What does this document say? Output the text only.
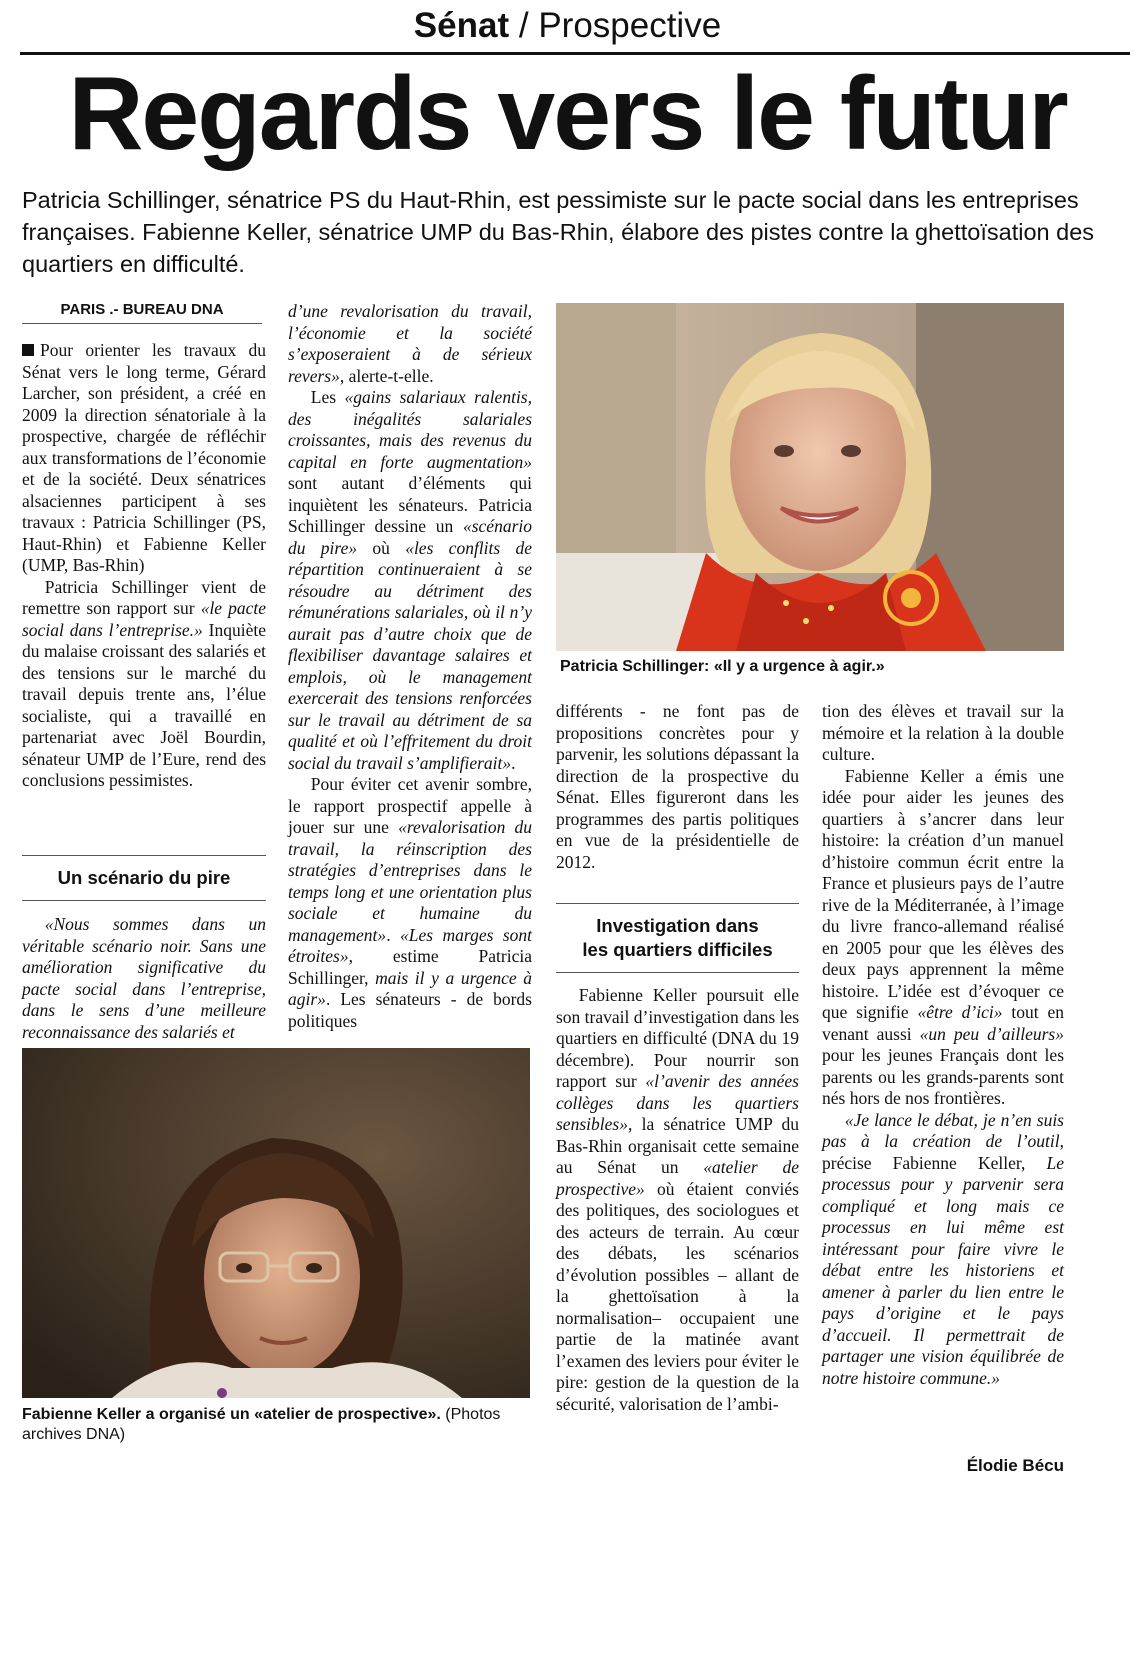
Sénat / Prospective
Regards vers le futur
Patricia Schillinger, sénatrice PS du Haut-Rhin, est pessimiste sur le pacte social dans les entreprises françaises. Fabienne Keller, sénatrice UMP du Bas-Rhin, élabore des pistes contre la ghettoïsation des quartiers en difficulté.
PARIS .- BUREAU DNA

Pour orienter les travaux du Sénat vers le long terme, Gérard Larcher, son président, a créé en 2009 la direction sénatoriale à la prospective, chargée de réfléchir aux transformations de l’économie et de la société. Deux sénatrices alsaciennes participent à ses travaux : Patricia Schillinger (PS, Haut-Rhin) et Fabienne Keller (UMP, Bas-Rhin)

Patricia Schillinger vient de remettre son rapport sur «le pacte social dans l’entreprise.» Inquiète du malaise croissant des salariés et des tensions sur le marché du travail depuis trente ans, l’élue socialiste, qui a travaillé en partenariat avec Joël Bourdin, sénateur UMP de l’Eure, rend des conclusions pessimistes.

Un scénario du pire

«Nous sommes dans un véritable scénario noir. Sans une amélioration significative du pacte social dans l’entreprise, dans le sens d’une meilleure reconnaissance des salariés et

d’une revalorisation du travail, l’économie et la société s’exposeraient à de sérieux revers», alerte-t-elle.

Les «gains salariaux ralentis, des inégalités salariales croissantes, mais des revenus du capital en forte augmentation» sont autant d’éléments qui inquiètent les sénateurs. Patricia Schillinger dessine un «scénario du pire» où «les conflits de répartition continueraient à se résoudre au détriment des rémunérations salariales, où il n’y aurait pas d’autre choix que de flexibiliser davantage salaires et emplois, où le management exercerait des tensions renforcées sur le travail au détriment de sa qualité et où l’effritement du droit social du travail s’amplifierait».

Pour éviter cet avenir sombre, le rapport prospectif appelle à jouer sur une «revalorisation du travail, la réinscription des stratégies d’entreprises dans le temps long et une orientation plus sociale et humaine du management». «Les marges sont étroites», estime Patricia Schillinger, mais il y a urgence à agir». Les sénateurs - de bords politiques

Patricia Schillinger: «Il y a urgence à agir.»

différents - ne font pas de propositions concrètes pour y parvenir, les solutions dépassant la direction de la prospective du Sénat. Elles figureront dans les programmes des partis politiques en vue de la présidentielle de 2012.

Investigation dans
les quartiers difficiles

Fabienne Keller poursuit elle son travail d’investigation dans les quartiers en difficulté (DNA du 19 décembre). Pour nourrir son rapport sur «l’avenir des années collèges dans les quartiers sensibles», la sénatrice UMP du Bas-Rhin organisait cette semaine au Sénat un «atelier de prospective» où étaient conviés des politiques, des sociologues et des acteurs de terrain. Au cœur des débats, les scénarios d’évolution possibles – allant de la ghettoïsation à la normalisation– occupaient une partie de la matinée avant l’examen des leviers pour éviter le pire: gestion de la question de la sécurité, valorisation de l’ambi-

tion des élèves et travail sur la mémoire et la relation à la double culture.

Fabienne Keller a émis une idée pour aider les jeunes des quartiers à s’ancrer dans leur histoire: la création d’un manuel d’histoire commun écrit entre la France et plusieurs pays de l’autre rive de la Méditerranée, à l’image du livre franco-allemand réalisé en 2005 pour que les élèves des deux pays apprennent la même histoire. L’idée est d’évoquer ce que signifie «être d’ici» tout en venant aussi «un peu d’ailleurs» pour les jeunes Français dont les parents ou les grands-parents sont nés hors de nos frontières.

«Je lance le débat, je n’en suis pas à la création de l’outil, précise Fabienne Keller, Le processus pour y parvenir sera compliqué et long mais ce processus en lui même est intéressant pour faire vivre le débat entre les historiens et amener à parler du lien entre le pays d’origine et le pays d’accueil. Il permettrait de partager une vision équilibrée de notre histoire commune.»

Élodie Bécu
Fabienne Keller a organisé un «atelier de prospective». (Photos archives DNA)
